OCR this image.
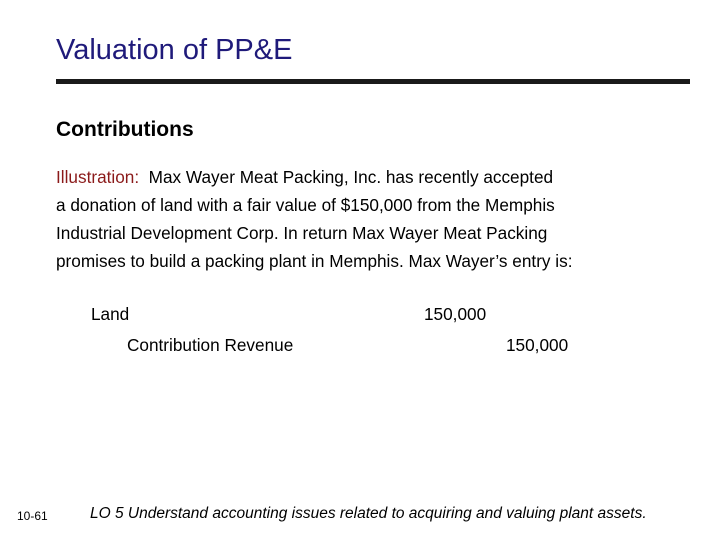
Valuation of PP&E
Contributions
Illustration: Max Wayer Meat Packing, Inc. has recently accepted
a donation of land with a fair value of $150,000 from the Memphis
Industrial Development Corp. In return Max Wayer Meat Packing
promises to build a packing plant in Memphis. Max Wayer’s entry is:
Land	150,000
Contribution Revenue	150,000
10-61	LO 5 Understand accounting issues related to acquiring and valuing plant assets.
